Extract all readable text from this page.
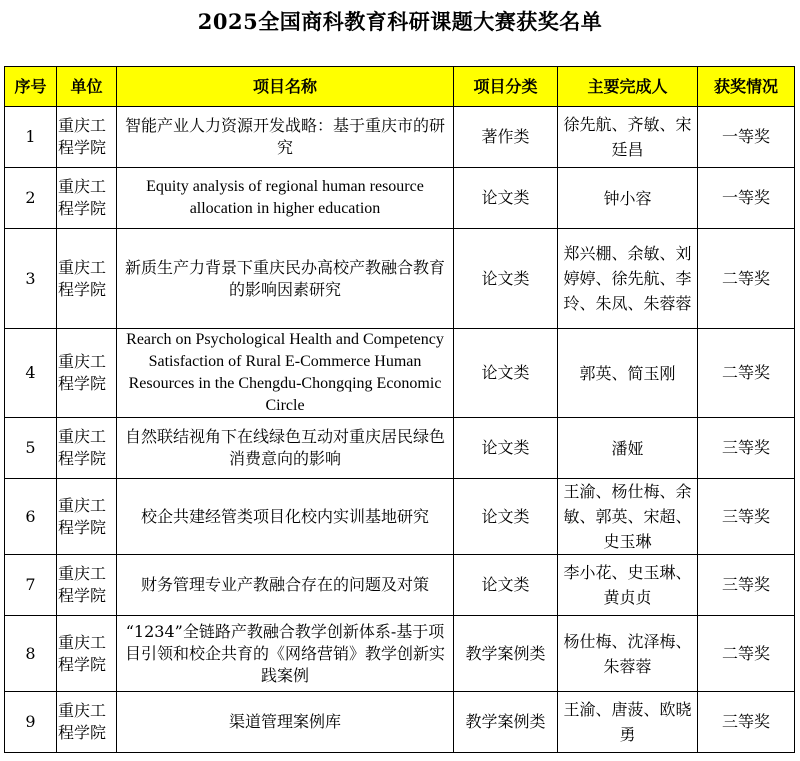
2025全国商科教育科研课题大赛获奖名单
序号	单位	项目名称	项目分类	主要完成人	获奖情况
1	重庆工程学院	智能产业人力资源开发战略：基于重庆市的研究	著作类	徐先航、齐敏、宋廷昌	一等奖
2	重庆工程学院	Equity analysis of regional human resource allocation in higher education	论文类	钟小容	一等奖
3	重庆工程学院	新质生产力背景下重庆民办高校产教融合教育的影响因素研究	论文类	郑兴棚、余敏、刘婷婷、徐先航、李玲、朱凤、朱蓉蓉	二等奖
4	重庆工程学院	Rearch on Psychological Health and Competency Satisfaction of Rural E-Commerce Human Resources in the Chengdu-Chongqing Economic Circle	论文类	郭英、简玉刚	二等奖
5	重庆工程学院	自然联结视角下在线绿色互动对重庆居民绿色消费意向的影响	论文类	潘娅	三等奖
6	重庆工程学院	校企共建经管类项目化校内实训基地研究	论文类	王渝、杨仕梅、余敏、郭英、宋超、史玉琳	三等奖
7	重庆工程学院	财务管理专业产教融合存在的问题及对策	论文类	李小花、史玉琳、黄贞贞	三等奖
8	重庆工程学院	“1234”全链路产教融合教学创新体系-基于项目引领和校企共育的《网络营销》教学创新实践案例	教学案例类	杨仕梅、沈泽梅、朱蓉蓉	二等奖
9	重庆工程学院	渠道管理案例库	教学案例类	王渝、唐菠、欧晓勇	三等奖
